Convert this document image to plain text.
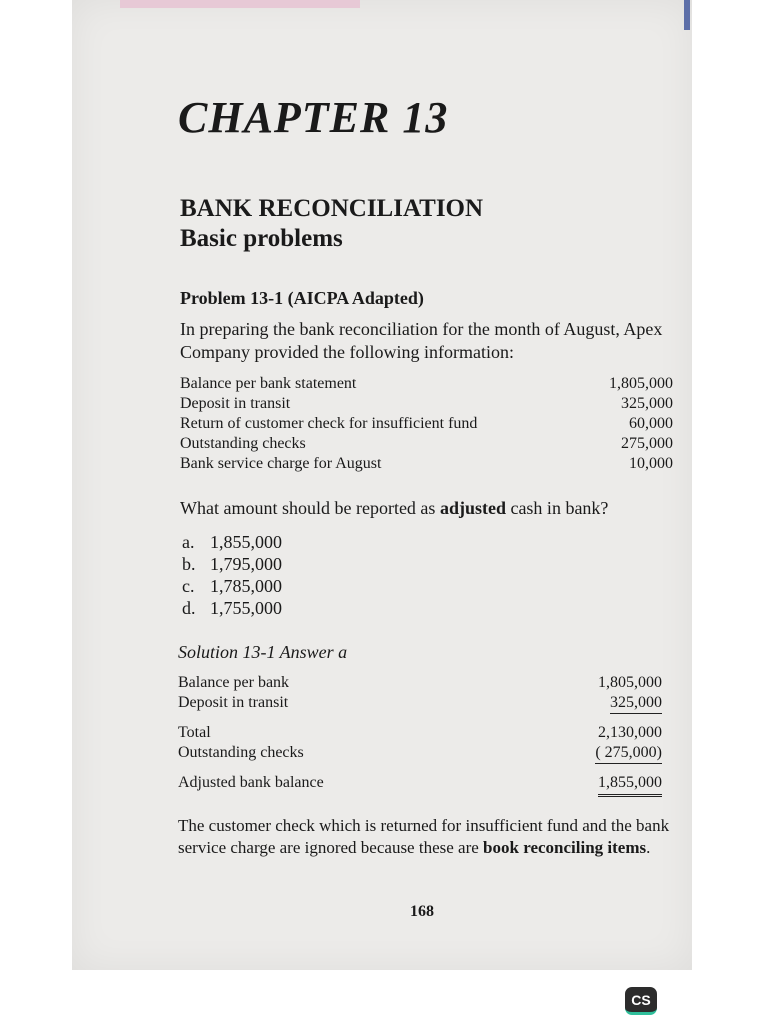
CHAPTER 13
BANK RECONCILIATION
Basic problems
Problem 13-1 (AICPA Adapted)

In preparing the bank reconciliation for the month of August, Apex Company provided the following information:

Balance per bank statement	1,805,000
Deposit in transit	325,000
Return of customer check for insufficient fund	60,000
Outstanding checks	275,000
Bank service charge for August	10,000

What amount should be reported as adjusted cash in bank?

a. 1,855,000
b. 1,795,000
c. 1,785,000
d. 1,755,000

Solution 13-1 Answer a

Balance per bank	1,805,000
Deposit in transit	325,000
Total	2,130,000
Outstanding checks	( 275,000)
Adjusted bank balance	1,855,000

The customer check which is returned for insufficient fund and the bank service charge are ignored because these are book reconciling items.

168
CS
